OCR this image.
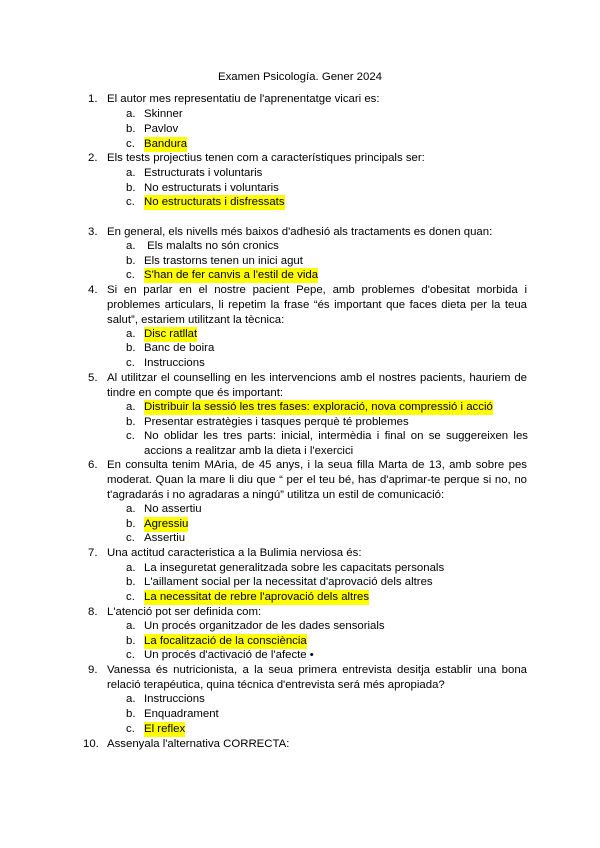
Examen Psicología. Gener 2024
1. El autor mes representatiu de l'aprenentatge vicari es:
a. Skinner
b. Pavlov
c. Bandura
2. Els tests projectius tenen com a característiques principals ser:
a. Estructurats i voluntaris
b. No estructurats i voluntaris
c. No estructurats i disfressats
3. En general, els nivells més baixos d'adhesió als tractaments es donen quan:
a. Els malalts no són cronics
b. Els trastorns tenen un inici agut
c. S'han de fer canvis a l'estil de vida
4. Si en parlar en el nostre pacient Pepe, amb problemes d'obesitat morbida i problemes articulars, li repetim la frase “és important que faces dieta per la teua salut”, estariem utilitzant la tècnica:
a. Disc ratllat
b. Banc de boira
c. Instruccions
5. Al utilitzar el counselling en les intervencions amb el nostres pacients, hauriem de tindre en compte que és important:
a. Distribuir la sessió les tres fases: exploració, nova compressió i acció
b. Presentar estratègies i tasques perquè té problemes
c. No oblidar les tres parts: inicial, intermèdia i final on se suggereixen les accions a realitzar amb la dieta i l'exercici
6. En consulta tenim MAria, de 45 anys, i la seua filla Marta de 13, amb sobre pes moderat. Quan la mare li diu que “ per el teu bé, has d'aprimar-te perque si no, no t'agradarás i no agradaras a ningú” utilitza un estil de comunicació:
a. No assertiu
b. Agressiu
c. Assertiu
7. Una actitud caracteristica a la Bulimia nerviosa és:
a. La inseguretat generalitzada sobre les capacitats personals
b. L'aillament social per la necessitat d'aprovació dels altres
c. La necessitat de rebre l'aprovació dels altres
8. L'atenció pot ser definida com:
a. Un procés organitzador de les dades sensorials
b. La focalització de la consciència
c. Un procés d'activació de l'afecte •
9. Vanessa és nutricionista, a la seua primera entrevista desitja establir una bona relació terapéutica, quina técnica d'entrevista será més apropiada?
a. Instruccions
b. Enquadrament
c. El reflex
10. Assenyala l'alternativa CORRECTA:
